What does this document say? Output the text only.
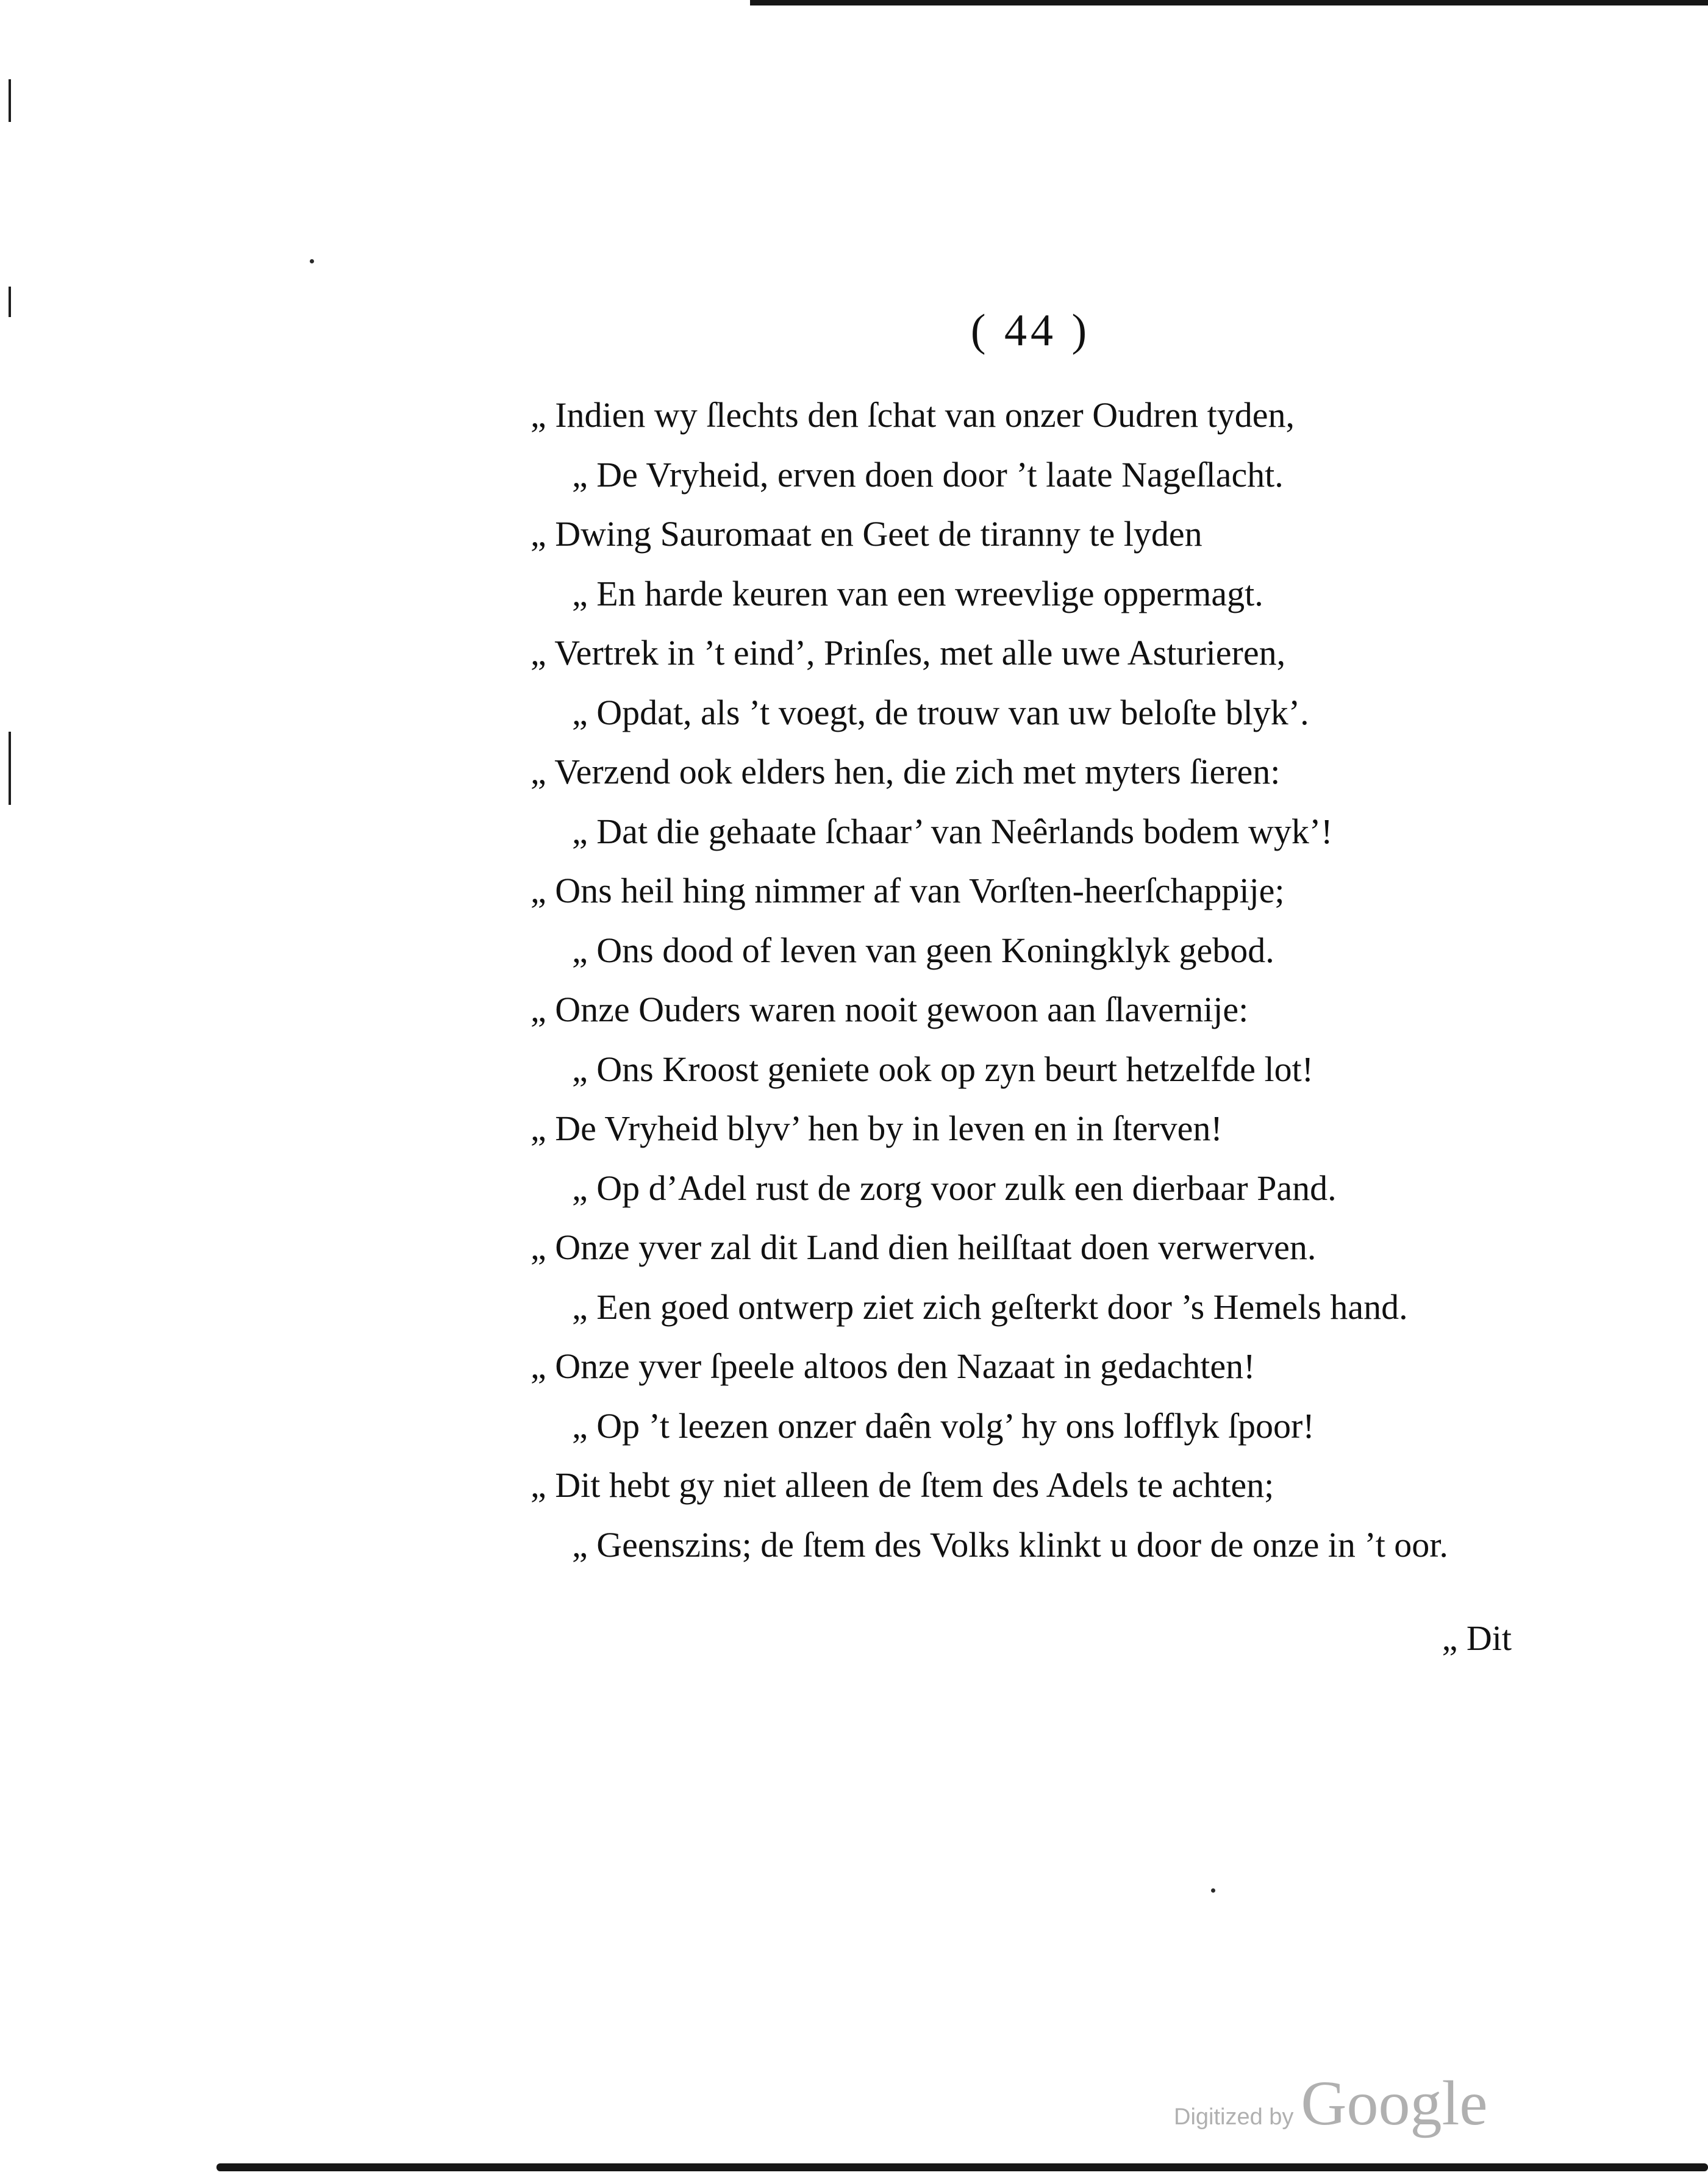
( 44 )
„ Indien wy ſlechts den ſchat van onzer Oudren tyden,
„ De Vryheid, erven doen door ’t laate Nageſlacht.
„ Dwing Sauromaat en Geet de tiranny te lyden
„ En harde keuren van een wreevlige oppermagt.
„ Vertrek in ’t eind’, Prinſes, met alle uwe Asturieren,
„ Opdat, als ’t voegt, de trouw van uw beloſte blyk’.
„ Verzend ook elders hen, die zich met myters ſieren:
„ Dat die gehaate ſchaar’ van Neêrlands bodem wyk’!
„ Ons heil hing nimmer af van Vorſten-heerſchappije;
„ Ons dood of leven van geen Koningklyk gebod.
„ Onze Ouders waren nooit gewoon aan ſlavernije:
„ Ons Kroost geniete ook op zyn beurt hetzelfde lot!
„ De Vryheid blyv’ hen by in leven en in ſterven!
„ Op d’Adel rust de zorg voor zulk een dierbaar Pand.
„ Onze yver zal dit Land dien heilſtaat doen verwerven.
„ Een goed ontwerp ziet zich geſterkt door ’s Hemels hand.
„ Onze yver ſpeele altoos den Nazaat in gedachten!
„ Op ’t leezen onzer daên volg’ hy ons lofflyk ſpoor!
„ Dit hebt gy niet alleen de ſtem des Adels te achten;
„ Geenszins; de ſtem des Volks klinkt u door de onze in ’t oor.
„ Dit
Digitized by Google
